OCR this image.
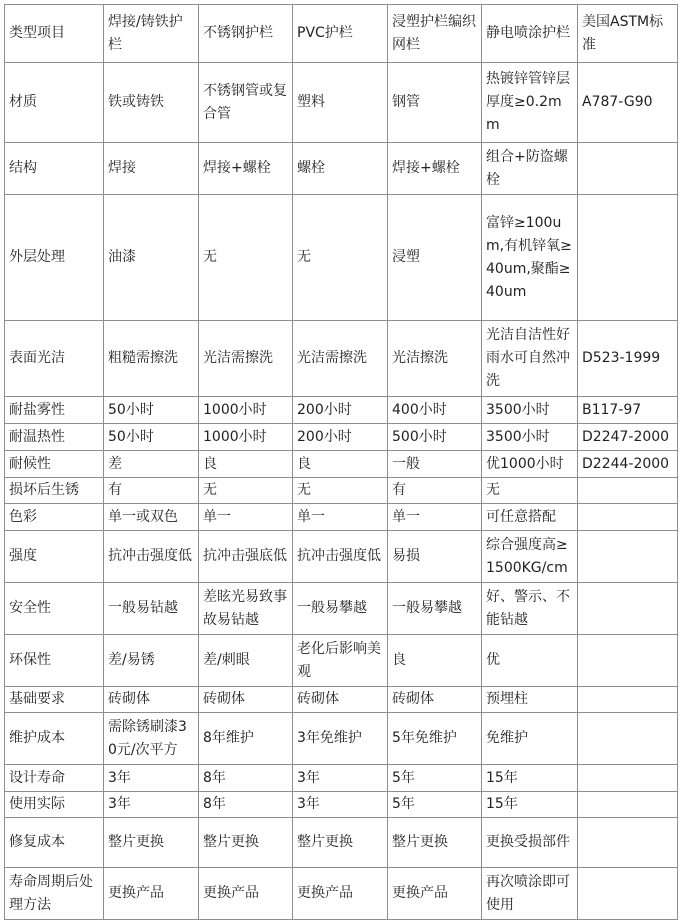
类型项目	焊接/铸铁护栏	不锈钢护栏	PVC护栏	浸塑护栏编织网栏	静电喷涂护栏	美国ASTM标准
材质	铁或铸铁	不锈钢管或复合管	塑料	钢管	热镀锌管锌层厚度≥0.2mm	A787-G90
结构	焊接	焊接+螺栓	螺栓	焊接+螺栓	组合+防盗螺栓	
外层处理	油漆	无	无	浸塑	富锌≥100um,有机锌氧≥40um,聚酯≥40um	
表面光洁	粗糙需擦洗	光洁需擦洗	光洁需擦洗	光洁擦洗	光洁自洁性好雨水可自然冲洗	D523-1999
耐盐雾性	50小时	1000小时	200小时	400小时	3500小时	B117-97
耐温热性	50小时	1000小时	200小时	500小时	3500小时	D2247-2000
耐候性	差	良	良	一般	优1000小时	D2244-2000
损坏后生锈	有	无	无	有	无	
色彩	单一或双色	单一	单一	单一	可任意搭配	
强度	抗冲击强度低	抗冲击强底低	抗冲击强度低	易损	综合强度高≥1500KG/cm	
安全性	一般易钻越	差眩光易致事故易钻越	一般易攀越	一般易攀越	好、警示、不能钻越	
环保性	差/易锈	差/刺眼	老化后影响美观	良	优	
基础要求	砖砌体	砖砌体	砖砌体	砖砌体	预埋柱	
维护成本	需除锈刷漆30元/次平方	8年维护	3年免维护	5年免维护	免维护	
设计寿命	3年	8年	3年	5年	15年	
使用实际	3年	8年	3年	5年	15年	
修复成本	整片更换	整片更换	整片更换	整片更换	更换受损部件	
寿命周期后处理方法	更换产品	更换产品	更换产品	更换产品	再次喷涂即可使用	
